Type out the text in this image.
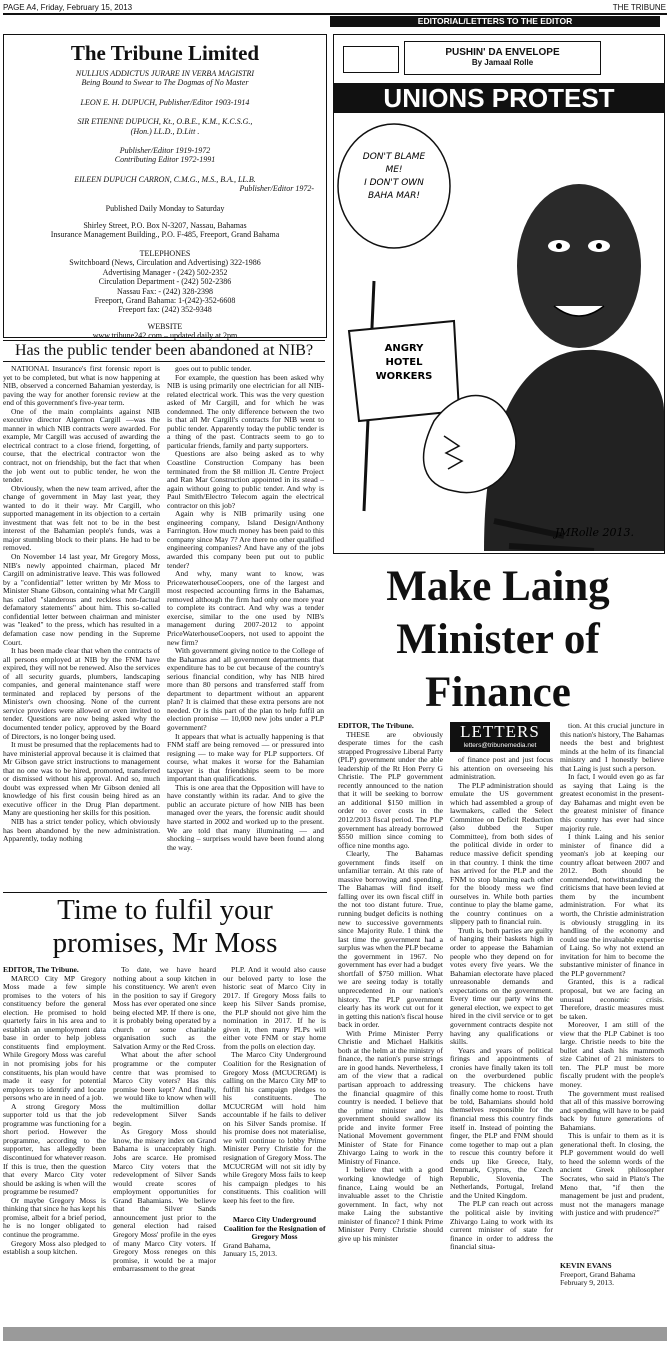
PAGE A4, Friday, February 15, 2013	THE TRIBUNE
EDITORIAL/LETTERS TO THE EDITOR
The Tribune Limited
NULLIUS ADDICTUS JURARE IN VERBA MAGISTRI
Being Bound to Swear to The Dogmas of No Master
LEON E. H. DUPUCH, Publisher/Editor 1903-1914
SIR ETIENNE DUPUCH, Kt., O.B.E., K.M., K.C.S.G.,
(Hon.) LL.D., D.Litt .
Publisher/Editor 1919-1972
Contributing Editor 1972-1991
EILEEN DUPUCH CARRON, C.M.G., M.S., B.A., LL.B.
Publisher/Editor 1972-
Published Daily Monday to Saturday
Shirley Street, P.O. Box N-3207, Nassau, Bahamas
Insurance Management Building., P.O. F-485, Freeport, Grand Bahama
TELEPHONES
Switchboard (News, Circulation and Advertising) 322-1986
Advertising Manager - (242) 502-2352
Circulation Department - (242) 502-2386
Nassau Fax: - (242) 328-2398
Freeport, Grand Bahama: 1-(242)-352-6608
Freeport fax: (242) 352-9348
WEBSITE
www.tribune242.com – updated daily at 2pm
Has the public tender been abandoned at NIB?

NATIONAL Insurance's first forensic report is yet to be completed, but what is now happening at NIB, observed a concerned Bahamian yesterday, is paving the way for another forensic review at the end of this government's five-year term.

One of the main complaints against NIB executive director Algernon Cargill —was the manner in which NIB contracts were awarded. For example, Mr Cargill was accused of awarding the electrical contract to a close friend, forgetting, of course, that the electrical contractor won the contract, not on friendship, but the fact that when the job went out to public tender, he won the tender.

Obviously, when the new team arrived, after the change of government in May last year, they wanted to do it their way. Mr Cargill, who supported management in its objection to a certain investment that was felt not to be in the best interest of the Bahamian people's funds, was a major stumbling block to their plans. He had to be removed.

On November 14 last year, Mr Gregory Moss, NIB's newly appointed chairman, placed Mr Cargill on administrative leave. This was followed by a "confidential" letter written by Mr Moss to Minister Shane Gibson, containing what Mr Cargill has called "slanderous and reckless non-factual defamatory statements" about him. This so-called confidential letter between chairman and minister was "leaked" to the press, which has resulted in a defamation case now pending in the Supreme Court.

It has been made clear that when the contracts of all persons employed at NIB by the FNM have expired, they will not be renewed. Also the services of all security guards, plumbers, landscaping companies, and general maintenance staff were terminated and replaced by persons of the Minister's own choosing. None of the current service providers were allowed or even invited to tender. Questions are now being asked why the documented tender policy, approved by the Board of Directors, is no longer being used.

It must be presumed that the replacements had to have ministerial approval because it is claimed that Mr Gibson gave strict instructions to management that no one was to be hired, promoted, transferred or dismissed without his approval. And so, much doubt was expressed when Mr Gibson denied all knowledge of his first cousin being hired as an executive officer in the Drug Plan department. Many are questioning her skills for this position.

NIB has a strict tender policy, which obviously has been abandoned by the new administration. Apparently, today nothing

goes out to public tender.

For example, the question has been asked why NIB is using primarily one electrician for all NIB-related electrical work. This was the very question asked of Mr Cargill, and for which he was condemned. The only difference between the two is that all Mr Cargill's contracts for NIB went to public tender. Apparently today the public tender is a thing of the past. Contracts seem to go to particular friends, family and party supporters.

Questions are also being asked as to why Coastline Construction Company has been terminated from the $8 million JL Centre Project and Ran Mar Construction appointed in its stead – again without going to public tender. And why is Paul Smith/Electro Telecom again the electrical contractor on this job?

Again why is NIB primarily using one engineering company, Island Design/Anthony Farrington. How much money has been paid to this company since May 7? Are there no other qualified engineering companies? And have any of the jobs awarded this company been put out to public tender?

And why, many want to know, was PricewaterhouseCoopers, one of the largest and most respected accounting firms in the Bahamas, removed although the firm had only one more year to complete its contract. And why was a tender exercise, similar to the one used by NIB's management during 2007-2012 to appoint PriceWaterhouseCoopers, not used to appoint the new firm?

With government giving notice to the College of the Bahamas and all government departments that expenditure has to be cut because of the country's serious financial condition, why has NIB hired more than 80 persons and transferred staff from department to department without an apparent plan? It is claimed that these extra persons are not needed. Or is this part of the plan to help fulfil an election promise — 10,000 new jobs under a PLP government?

It appears that what is actually happening is that FNM staff are being removed — or pressured into resigning — to make way for PLP supporters. Of course, what makes it worse for the Bahamian taxpayer is that friendships seem to be more important than qualifications.

This is one area that the Opposition will have to have constantly within its radar. And to give the public an accurate picture of how NIB has been managed over the years, the forensic audit should have started in 2002 and worked up to the present. We are told that many illuminating — and shocking – surprises would have been found along the way.

PUSHIN' DA ENVELOPE
By Jamaal Rolle
UNIONS PROTEST
DON'T BLAME ME! I DON'T OWN BAHA MAR!
ANGRY HOTEL WORKERS
JMRolle 2013.
Time to fulfil your
promises, Mr Moss

EDITOR, The Tribune.

MARCO City MP Gregory Moss made a few simple promises to the voters of his constituency before the general election. He promised to hold quarterly fairs in his area and to establish an unemployment data base in order to help jobless constituents find employment. While Gregory Moss was careful in not promising jobs for his constituents, his plan would have made it easy for potential employers to identify and locate persons who are in need of a job.

A strong Gregory Moss supporter told us that the job programme was functioning for a short period. However the programme, according to the supporter, has allegedly been discontinued for whatever reason. If this is true, then the question that every Marco City voter should be asking is when will the programme be resumed?

Or maybe Gregory Moss is thinking that since he has kept his promise, albeit for a brief period, he is no longer obligated to continue the programme.

Gregory Moss also pledged to establish a soup kitchen.

To date, we have heard nothing about a soup kitchen in his constituency. We aren't even in the position to say if Gregory Moss has ever operated one since being elected MP. If there is one, it is probably being operated by a church or some charitable organisation such as the Salvation Army or the Red Cross.

What about the after school programme or the computer centre that was promised to Marco City voters? Has this promise been kept? And finally, we would like to know when will the multimillion dollar redevelopment Silver Sands begin.

As Gregory Moss should know, the misery index on Grand Bahama is unacceptably high. Jobs are scarce. He promised Marco City voters that the redevelopment of Silver Sands would create scores of employment opportunities for Grand Bahamians. We believe that the Silver Sands announcement just prior to the general election had raised Gregory Moss' profile in the eyes of many Marco City voters. If Gregory Moss reneges on this promise, it would be a major embarrassment to the great

PLP. And it would also cause our beloved party to lose the historic seat of Marco City in 2017. If Gregory Moss fails to keep his Silver Sands promise, the PLP should not give him the nomination in 2017. If he is given it, then many PLPs will either vote FNM or stay home from the polls on election day.

The Marco City Underground Coalition for the Resignation of Gregory Moss (MCUCRGM) is calling on the Marco City MP to fulfill his campaign pledges to his constituents. The MCUCRGM will hold him accountable if he fails to deliver on his Silver Sands promise. If his promise does not materialise, we will continue to lobby Prime Minister Perry Christie for the resignation of Gregory Moss. The MCUCRGM will not sit idly by while Gregory Moss fails to keep his campaign pledges to his constituents. This coalition will keep his feet to the fire.

Marco City Underground Coalition for the Resignation of Gregory Moss
Grand Bahama,
January 15, 2013.
Make Laing
Minister of
Finance
LETTERS
letters@tribunemedia.net

EDITOR, The Tribune.

THESE are obviously desperate times for the cash strapped Progressive Liberal Party (PLP) government under the able leadership of the Rt Hon Perry G Christie. The PLP government recently announced to the nation that it will be seeking to borrow an additional $150 million in order to cover costs in the 2012/2013 fiscal period. The PLP government has already borrowed $550 million since coming to office nine months ago.

Clearly, The Bahamas government finds itself on unfamiliar terrain. At this rate of massive borrowing and spending, The Bahamas will find itself falling over its own fiscal cliff in the not too distant future. True, running budget deficits is nothing new to successive governments since Majority Rule. I think the last time the government had a surplus was when the PLP became the government in 1967. No government has ever had a budget shortfall of $750 million. What we are seeing today is totally unprecedented in our nation's history. The PLP government clearly has its work cut out for it in getting this nation's fiscal house back in order.

With Prime Minister Perry Christie and Michael Halkitis both at the helm at the ministry of finance, the nation's purse strings are in good hands. Nevertheless, I am of the view that a radical partisan approach to addressing the financial quagmire of this country is needed. I believe that the prime minister and his government should swallow its pride and invite former Free National Movement government Minister of State for Finance Zhivargo Laing to work in the Ministry of Finance.

I believe that with a good working knowledge of high finance, Laing would be an invaluable asset to the Christie government. In fact, why not make Laing the substantive minister of finance? I think Prime Minister Perry Christie should give up his minister

of finance post and just focus his attention on overseeing his administration.

The PLP administration should emulate the US government which had assembled a group of lawmakers, called the Select Committee on Deficit Reduction (also dubbed the Super Committee), from both sides of the political divide in order to reduce massive deficit spending in that country. I think the time has arrived for the PLP and the FNM to stop blaming each other for the bloody mess we find ourselves in. While both parties continue to play the blame game, the country continues on a slippery path to financial ruin.

Truth is, both parties are guilty of hanging their baskets high in order to appease the Bahamian people who they depend on for votes every five years. We the Bahamian electorate have placed unreasonable demands and expectations on the government. Every time our party wins the general election, we expect to get hired in the civil service or to get government contracts despite not having any qualifications or skills.

Years and years of political firings and appointments of cronies have finally taken its toll on the overburdened public treasury. The chickens have finally come home to roost. Truth be told, Bahamians should hold themselves responsible for the financial mess this country finds itself in. Instead of pointing the finger, the PLP and FNM should come together to map out a plan to rescue this country before it ends up like Greece, Italy, Denmark, Cyprus, the Czech Republic, Slovenia, The Netherlands, Portugal, Ireland and the United Kingdom.

The PLP can reach out across the political aisle by inviting Zhivargo Laing to work with its current minister of state for finance in order to address the financial situa-

tion. At this crucial juncture in this nation's history, The Bahamas needs the best and brightest minds at the helm of its financial ministry and I honestly believe that Laing is just such a person.

In fact, I would even go as far as saying that Laing is the greatest economist in the present-day Bahamas and might even be the greatest minister of finance this country has ever had since majority rule.

I think Laing and his senior minister of finance did a yeoman's job at keeping our country afloat between 2007 and 2012. Both should be commended, notwithstanding the criticisms that have been levied at them by the incumbent administration. For what its worth, the Christie administration is obviously struggling in its handling of the economy and could use the invaluable expertise of Laing. So why not extend an invitation for him to become the substantive minister of finance in the PLP government?

Granted, this is a radical proposal, but we are facing an unusual economic crisis. Therefore, drastic measures must be taken.

Moreover, I am still of the view that the PLP Cabinet is too large. Christie needs to bite the bullet and slash his mammoth size Cabinet of 21 ministers to ten. The PLP must be more fiscally prudent with the people's money.

The government must realised that all of this massive borrowing and spending will have to be paid back by future generations of Bahamians.

This is unfair to them as it is generational theft. In closing, the PLP government would do well to heed the solemn words of the ancient Greek philosopher Socrates, who said in Plato's The Meno that, "if then the management be just and prudent, must not the managers manage with justice and with prudence?"

KEVIN EVANS
Freeport, Grand Bahama
February 9, 2013.
